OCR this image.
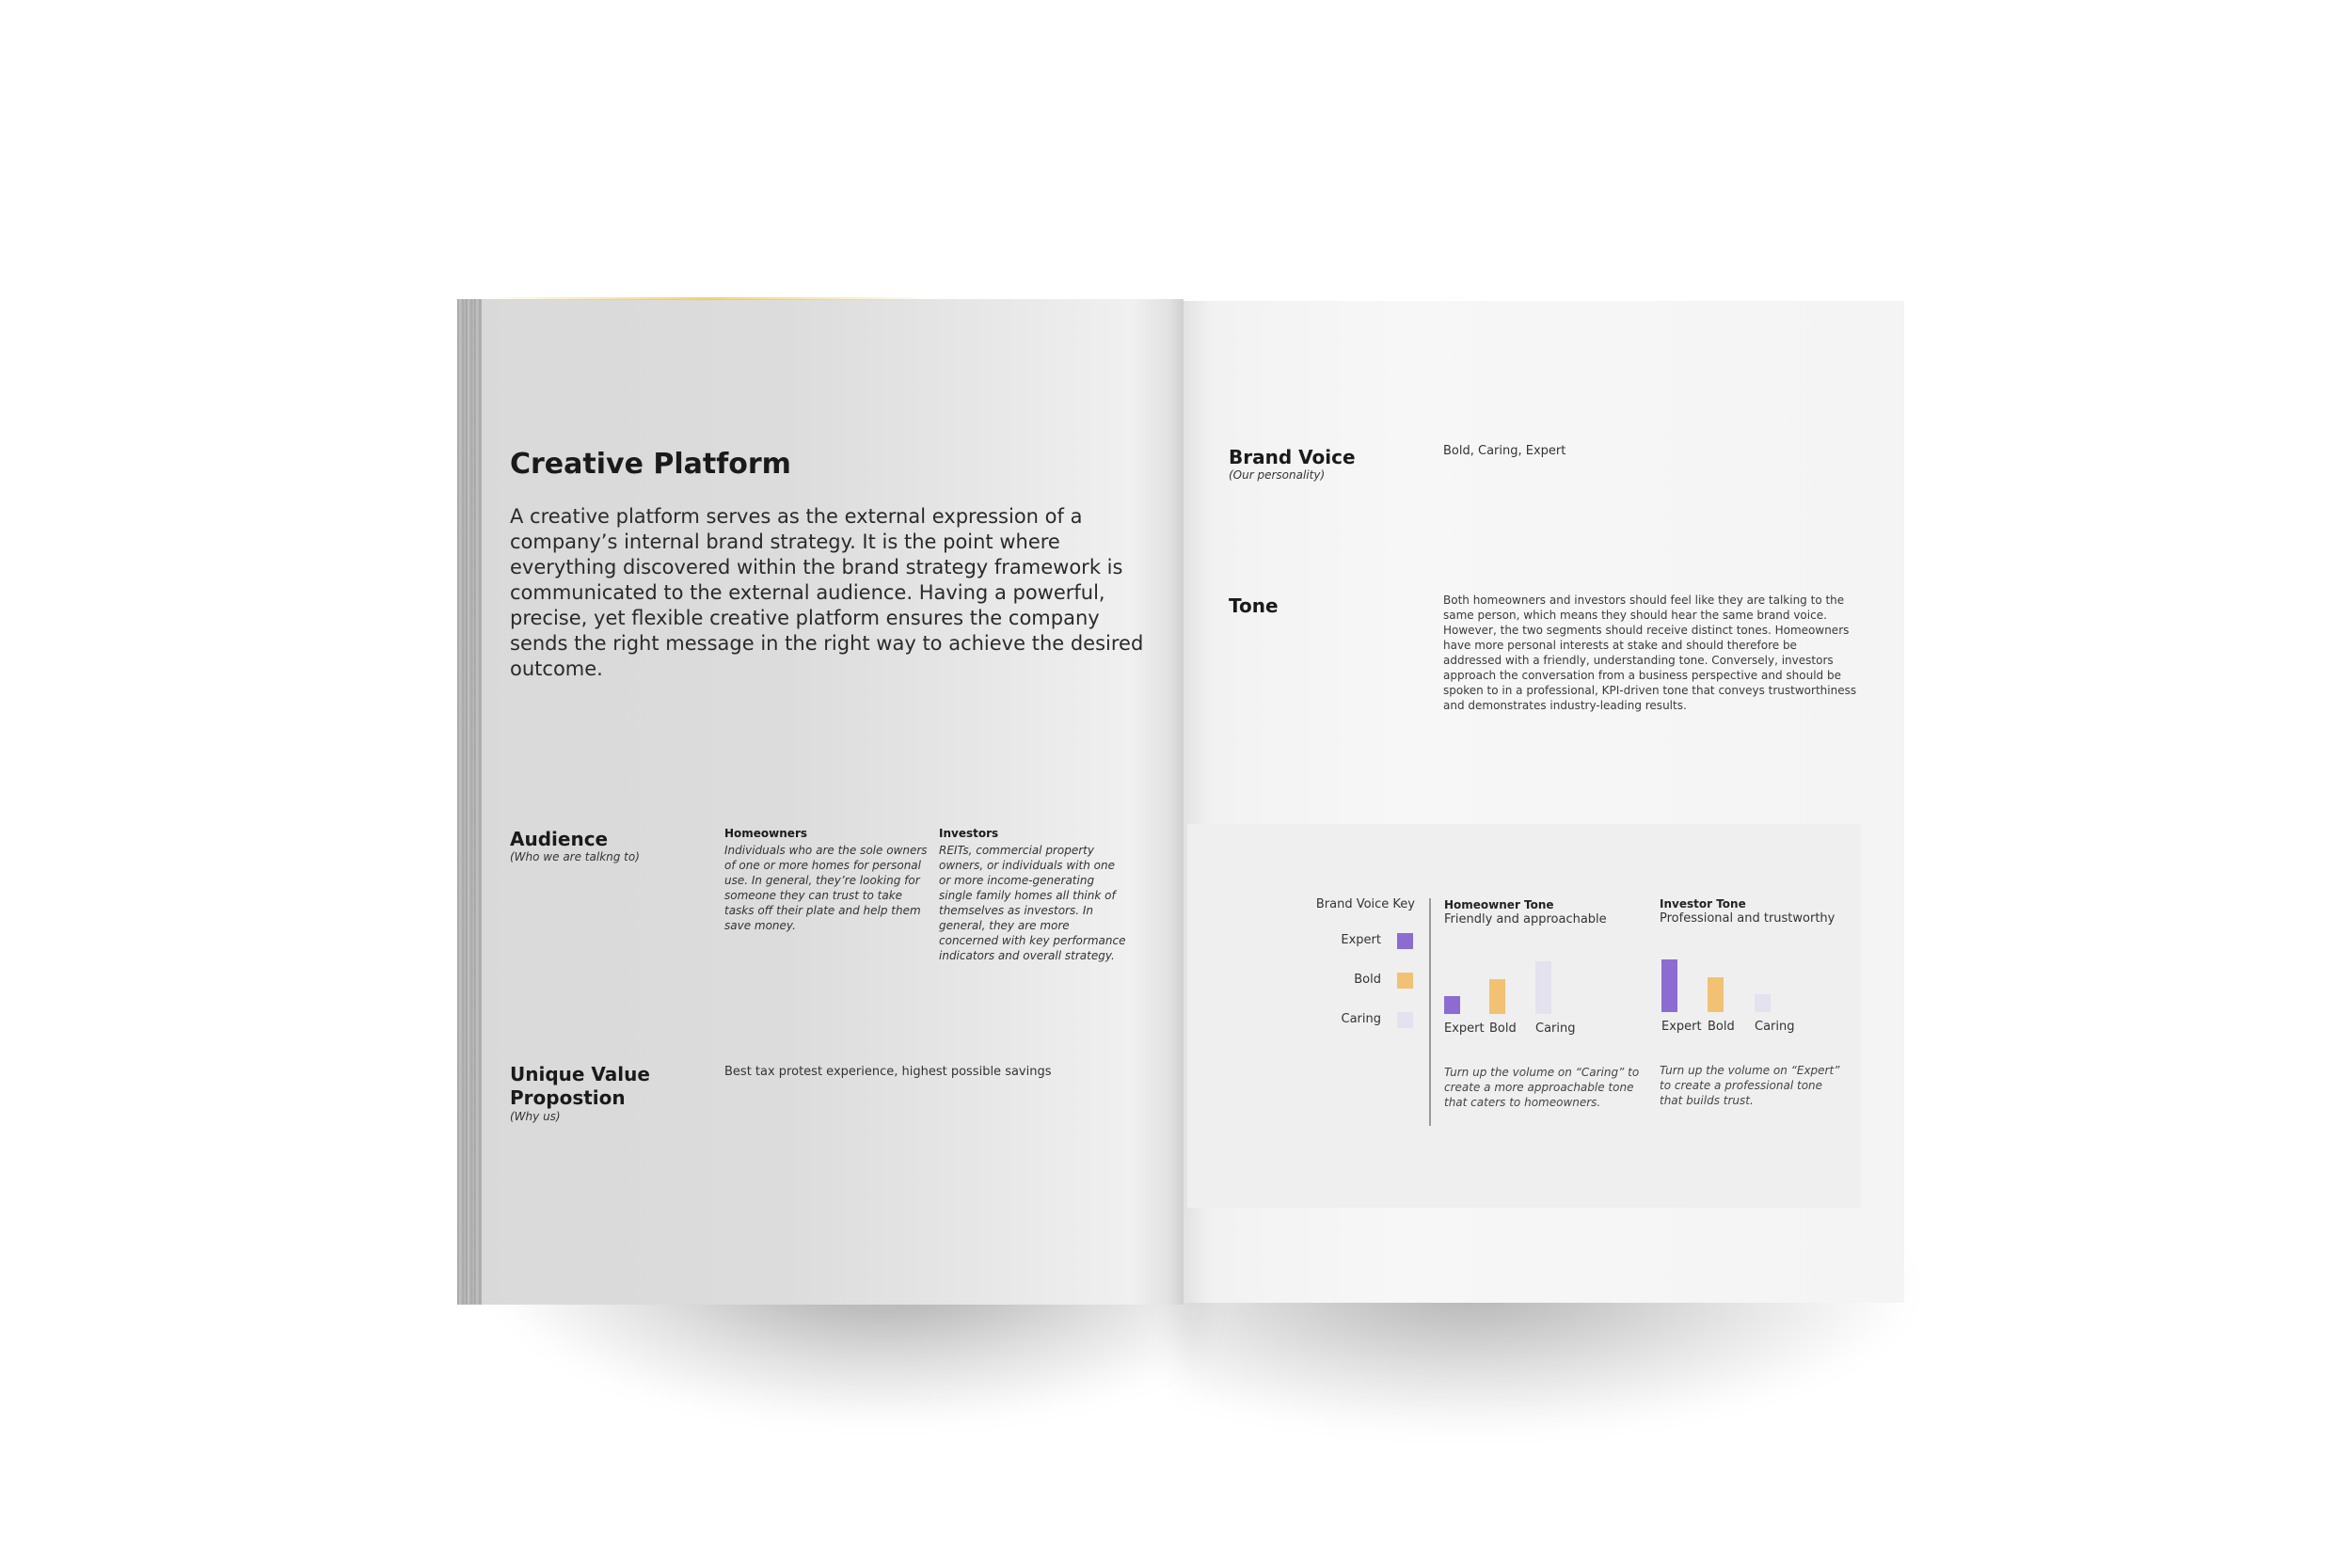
Creative Platform
A creative platform serves as the external expression of a company’s internal brand strategy. It is the point where everything discovered within the brand strategy framework is communicated to the external audience. Having a powerful, precise, yet flexible creative platform ensures the company sends the right message in the right way to achieve the desired outcome.
Audience
(Who we are talkng to)
Homeowners
Individuals who are the sole owners of one or more homes for personal use. In general, they’re looking for someone they can trust to take tasks off their plate and help them save money.
Investors
REITs, commercial property owners, or individuals with one or more income-generating single family homes all think of themselves as investors. In general, they are more concerned with key performance indicators and overall strategy.
Unique Value
Propostion
(Why us)
Best tax protest experience, highest possible savings
Brand Voice
(Our personality)
Bold, Caring, Expert
Tone	Both homeowners and investors should feel like they are talking to the same person, which means they should hear the same brand voice. However, the two segments should receive distinct tones. Homeowners have more personal interests at stake and should therefore be addressed with a friendly, understanding tone. Conversely, investors approach the conversation from a business perspective and should be spoken to in a professional, KPI-driven tone that conveys trustworthiness and demonstrates industry-leading results.
Brand Voice Key
Expert
Bold
Caring
Homeowner Tone
Friendly and approachable
Expert Bold Caring
Turn up the volume on “Caring” to create a more approachable tone that caters to homeowners.
Investor Tone
Professional and trustworthy
Expert Bold Caring
Turn up the volume on “Expert” to create a professional tone that builds trust.
